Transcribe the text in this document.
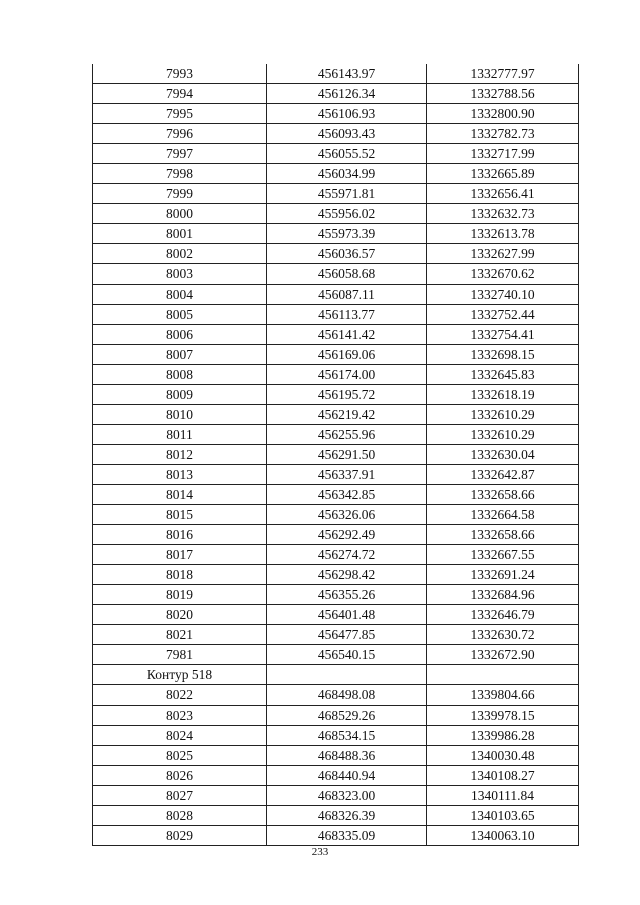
7993	456143.97	1332777.97
7994	456126.34	1332788.56
7995	456106.93	1332800.90
7996	456093.43	1332782.73
7997	456055.52	1332717.99
7998	456034.99	1332665.89
7999	455971.81	1332656.41
8000	455956.02	1332632.73
8001	455973.39	1332613.78
8002	456036.57	1332627.99
8003	456058.68	1332670.62
8004	456087.11	1332740.10
8005	456113.77	1332752.44
8006	456141.42	1332754.41
8007	456169.06	1332698.15
8008	456174.00	1332645.83
8009	456195.72	1332618.19
8010	456219.42	1332610.29
8011	456255.96	1332610.29
8012	456291.50	1332630.04
8013	456337.91	1332642.87
8014	456342.85	1332658.66
8015	456326.06	1332664.58
8016	456292.49	1332658.66
8017	456274.72	1332667.55
8018	456298.42	1332691.24
8019	456355.26	1332684.96
8020	456401.48	1332646.79
8021	456477.85	1332630.72
7981	456540.15	1332672.90
Контур 518		
8022	468498.08	1339804.66
8023	468529.26	1339978.15
8024	468534.15	1339986.28
8025	468488.36	1340030.48
8026	468440.94	1340108.27
8027	468323.00	1340111.84
8028	468326.39	1340103.65
8029	468335.09	1340063.10
233
